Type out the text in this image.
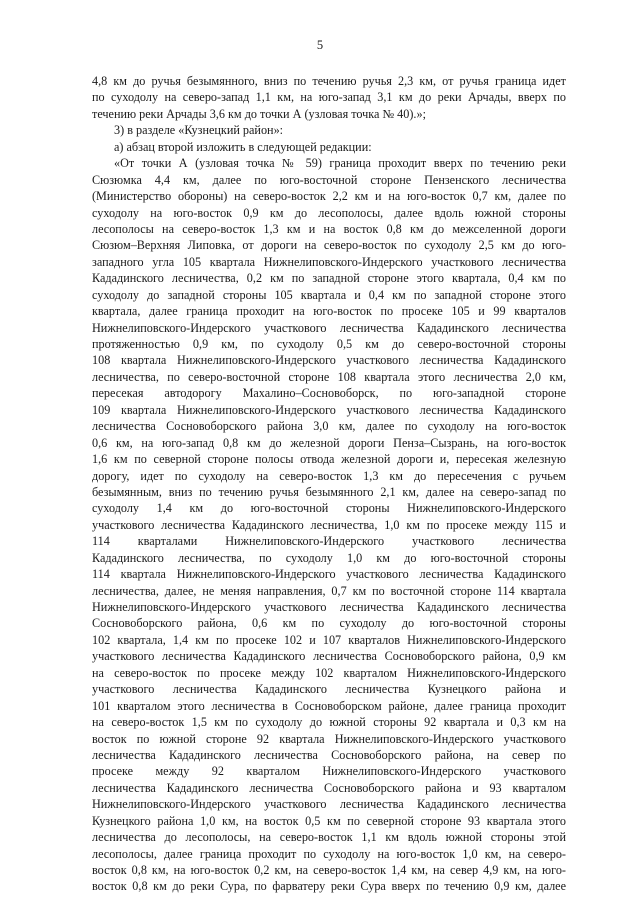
5
4,8 км до ручья безымянного, вниз по течению ручья 2,3 км, от ручья граница идет
по суходолу на северо-запад 1,1 км, на юго-запад 3,1 км до реки Арчады, вверх по
течению реки Арчады 3,6 км до точки А (узловая точка № 40).»;
3) в разделе «Кузнецкий район»:
а) абзац второй изложить в следующей редакции:
«От точки А (узловая точка № 59) граница проходит вверх по течению реки
Сюзюмка 4,4 км, далее по юго-восточной стороне Пензенского лесничества
(Министерство обороны) на северо-восток 2,2 км и на юго-восток 0,7 км, далее по
суходолу на юго-восток 0,9 км до лесополосы, далее вдоль южной стороны
лесополосы на северо-восток 1,3 км и на восток 0,8 км до межселенной дороги
Сюзюм–Верхняя Липовка, от дороги на северо-восток по суходолу 2,5 км до юго-
западного угла 105 квартала Нижнелиповского-Индерского участкового лесничества
Кададинского лесничества, 0,2 км по западной стороне этого квартала, 0,4 км по
суходолу до западной стороны 105 квартала и 0,4 км по западной стороне этого
квартала, далее граница проходит на юго-восток по просеке 105 и 99 кварталов
Нижнелиповского-Индерского участкового лесничества Кададинского лесничества
протяженностью 0,9 км, по суходолу 0,5 км до северо-восточной стороны
108 квартала Нижнелиповского-Индерского участкового лесничества Кададинского
лесничества, по северо-восточной стороне 108 квартала этого лесничества 2,0 км,
пересекая автодорогу Махалино–Сосновоборск, по юго-западной стороне
109 квартала Нижнелиповского-Индерского участкового лесничества Кададинского
лесничества Сосновоборского района 3,0 км, далее по суходолу на юго-восток
0,6 км, на юго-запад 0,8 км до железной дороги Пенза–Сызрань, на юго-восток
1,6 км по северной стороне полосы отвода железной дороги и, пересекая железную
дорогу, идет по суходолу на северо-восток 1,3 км до пересечения с ручьем
безымянным, вниз по течению ручья безымянного 2,1 км, далее на северо-запад по
суходолу 1,4 км до юго-восточной стороны Нижнелиповского-Индерского
участкового лесничества Кададинского лесничества, 1,0 км по просеке между 115 и
114 кварталами Нижнелиповского-Индерского участкового лесничества
Кададинского лесничества, по суходолу 1,0 км до юго-восточной стороны
114 квартала Нижнелиповского-Индерского участкового лесничества Кададинского
лесничества, далее, не меняя направления, 0,7 км по восточной стороне 114 квартала
Нижнелиповского-Индерского участкового лесничества Кададинского лесничества
Сосновоборского района, 0,6 км по суходолу до юго-восточной стороны
102 квартала, 1,4 км по просеке 102 и 107 кварталов Нижнелиповского-Индерского
участкового лесничества Кададинского лесничества Сосновоборского района, 0,9 км
на северо-восток по просеке между 102 кварталом Нижнелиповского-Индерского
участкового лесничества Кададинского лесничества Кузнецкого района и
101 кварталом этого лесничества в Сосновоборском районе, далее граница проходит
на северо-восток 1,5 км по суходолу до южной стороны 92 квартала и 0,3 км на
восток по южной стороне 92 квартала Нижнелиповского-Индерского участкового
лесничества Кададинского лесничества Сосновоборского района, на север по
просеке между 92 кварталом Нижнелиповского-Индерского участкового
лесничества Кададинского лесничества Сосновоборского района и 93 кварталом
Нижнелиповского-Индерского участкового лесничества Кададинского лесничества
Кузнецкого района 1,0 км, на восток 0,5 км по северной стороне 93 квартала этого
лесничества до лесополосы, на северо-восток 1,1 км вдоль южной стороны этой
лесополосы, далее граница проходит по суходолу на юго-восток 1,0 км, на северо-
восток 0,8 км, на юго-восток 0,2 км, на северо-восток 1,4 км, на север 4,9 км, на юго-
восток 0,8 км до реки Сура, по фарватеру реки Сура вверх по течению 0,9 км, далее
